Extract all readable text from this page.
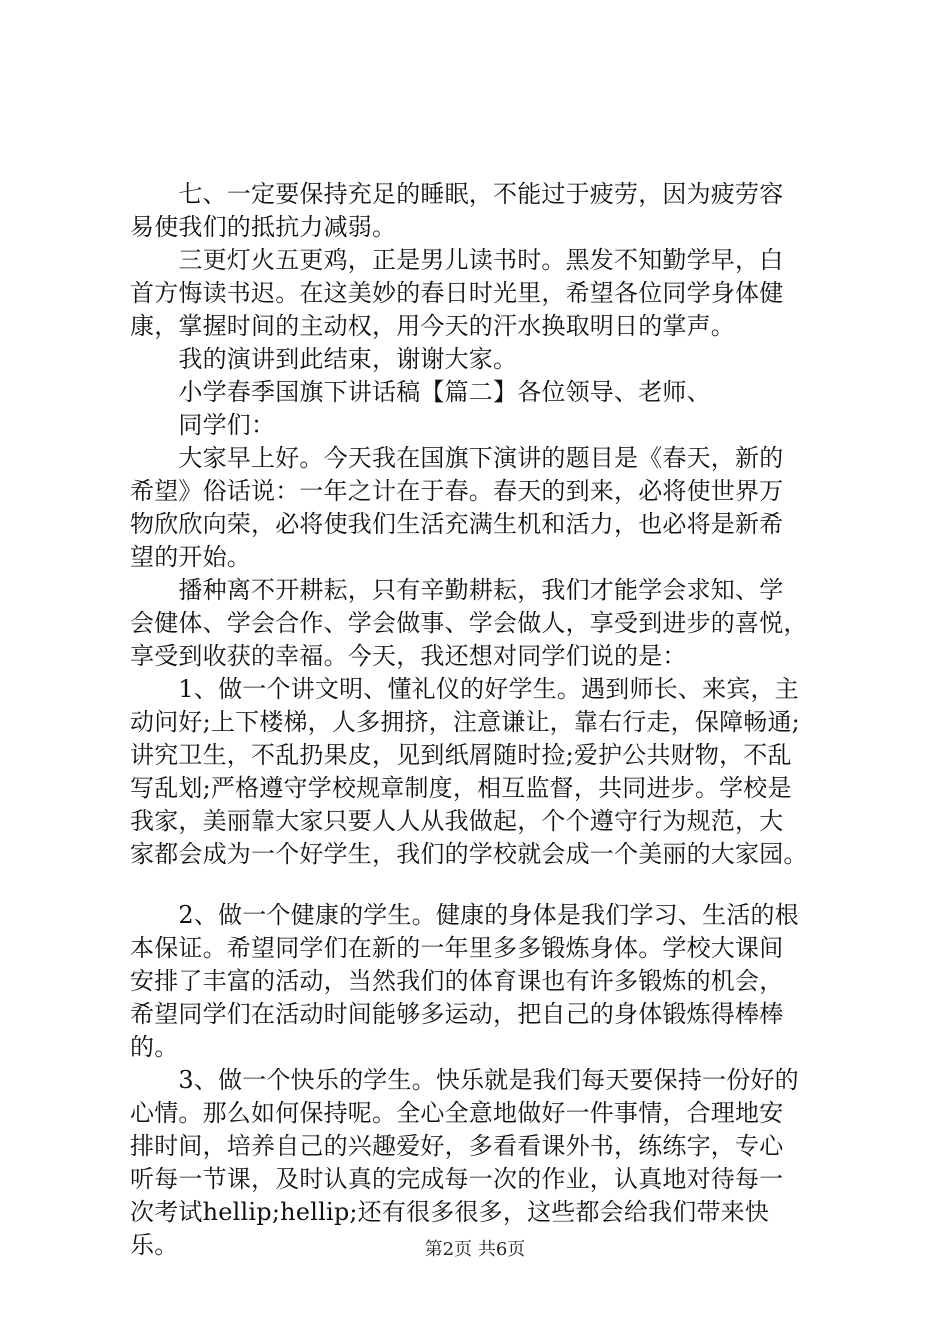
　　七、一定要保持充足的睡眠，不能过于疲劳，因为疲劳容

易使我们的抵抗力减弱。

　　三更灯火五更鸡，正是男儿读书时。黑发不知勤学早，白

首方悔读书迟。在这美妙的春日时光里，希望各位同学身体健

康，掌握时间的主动权，用今天的汗水换取明日的掌声。

　　我的演讲到此结束，谢谢大家。

　　小学春季国旗下讲话稿【篇二】各位领导、老师、

　　同学们：

　　大家早上好。今天我在国旗下演讲的题目是《春天，新的

希望》俗话说：一年之计在于春。春天的到来，必将使世界万

物欣欣向荣，必将使我们生活充满生机和活力，也必将是新希

望的开始。

　　播种离不开耕耘，只有辛勤耕耘，我们才能学会求知、学

会健体、学会合作、学会做事、学会做人，享受到进步的喜悦，

享受到收获的幸福。今天，我还想对同学们说的是：

　　1、做一个讲文明、懂礼仪的好学生。遇到师长、来宾，主

动问好;上下楼梯，人多拥挤，注意谦让，靠右行走，保障畅通;

讲究卫生，不乱扔果皮，见到纸屑随时捡;爱护公共财物，不乱

写乱划;严格遵守学校规章制度，相互监督，共同进步。学校是

我家，美丽靠大家只要人人从我做起，个个遵守行为规范，大

家都会成为一个好学生，我们的学校就会成一个美丽的大家园。

　　2、做一个健康的学生。健康的身体是我们学习、生活的根

本保证。希望同学们在新的一年里多多锻炼身体。学校大课间

安排了丰富的活动，当然我们的体育课也有许多锻炼的机会，

希望同学们在活动时间能够多运动，把自己的身体锻炼得棒棒

的。

　　3、做一个快乐的学生。快乐就是我们每天要保持一份好的

心情。那么如何保持呢。全心全意地做好一件事情，合理地安

排时间，培养自己的兴趣爱好，多看看课外书，练练字，专心

听每一节课，及时认真的完成每一次的作业，认真地对待每一

次考试hellip;hellip;还有很多很多，这些都会给我们带来快

乐。	第2页 共6页
